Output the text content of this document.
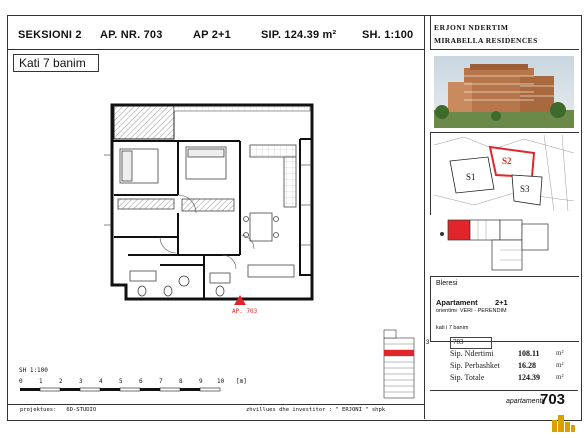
SEKSIONI 2 AP. NR. 703	AP 2+1	SIP. 124.39 m² SH. 1:100
Kati 7 banim
AP. 703
SH 1:100
0	1	2	3	4	5	6	7	8	9 10 [m]
projektues:   6D-STUDIO	zhvillues dhe investitor : " ERJONI " shpk
ERJONI NDERTIM
MIRABELLA RESIDENCES
S1
S2
S3
Bleresi
Apartament 2+1
orientimi  VERI - PERENDIM
kati i 7 banim
3	703
Sip. Ndertimi	108.11 m²
Sip. Perbashket 16.28	m²
Sip. Totale	124.39 m²
apartamenti
703
